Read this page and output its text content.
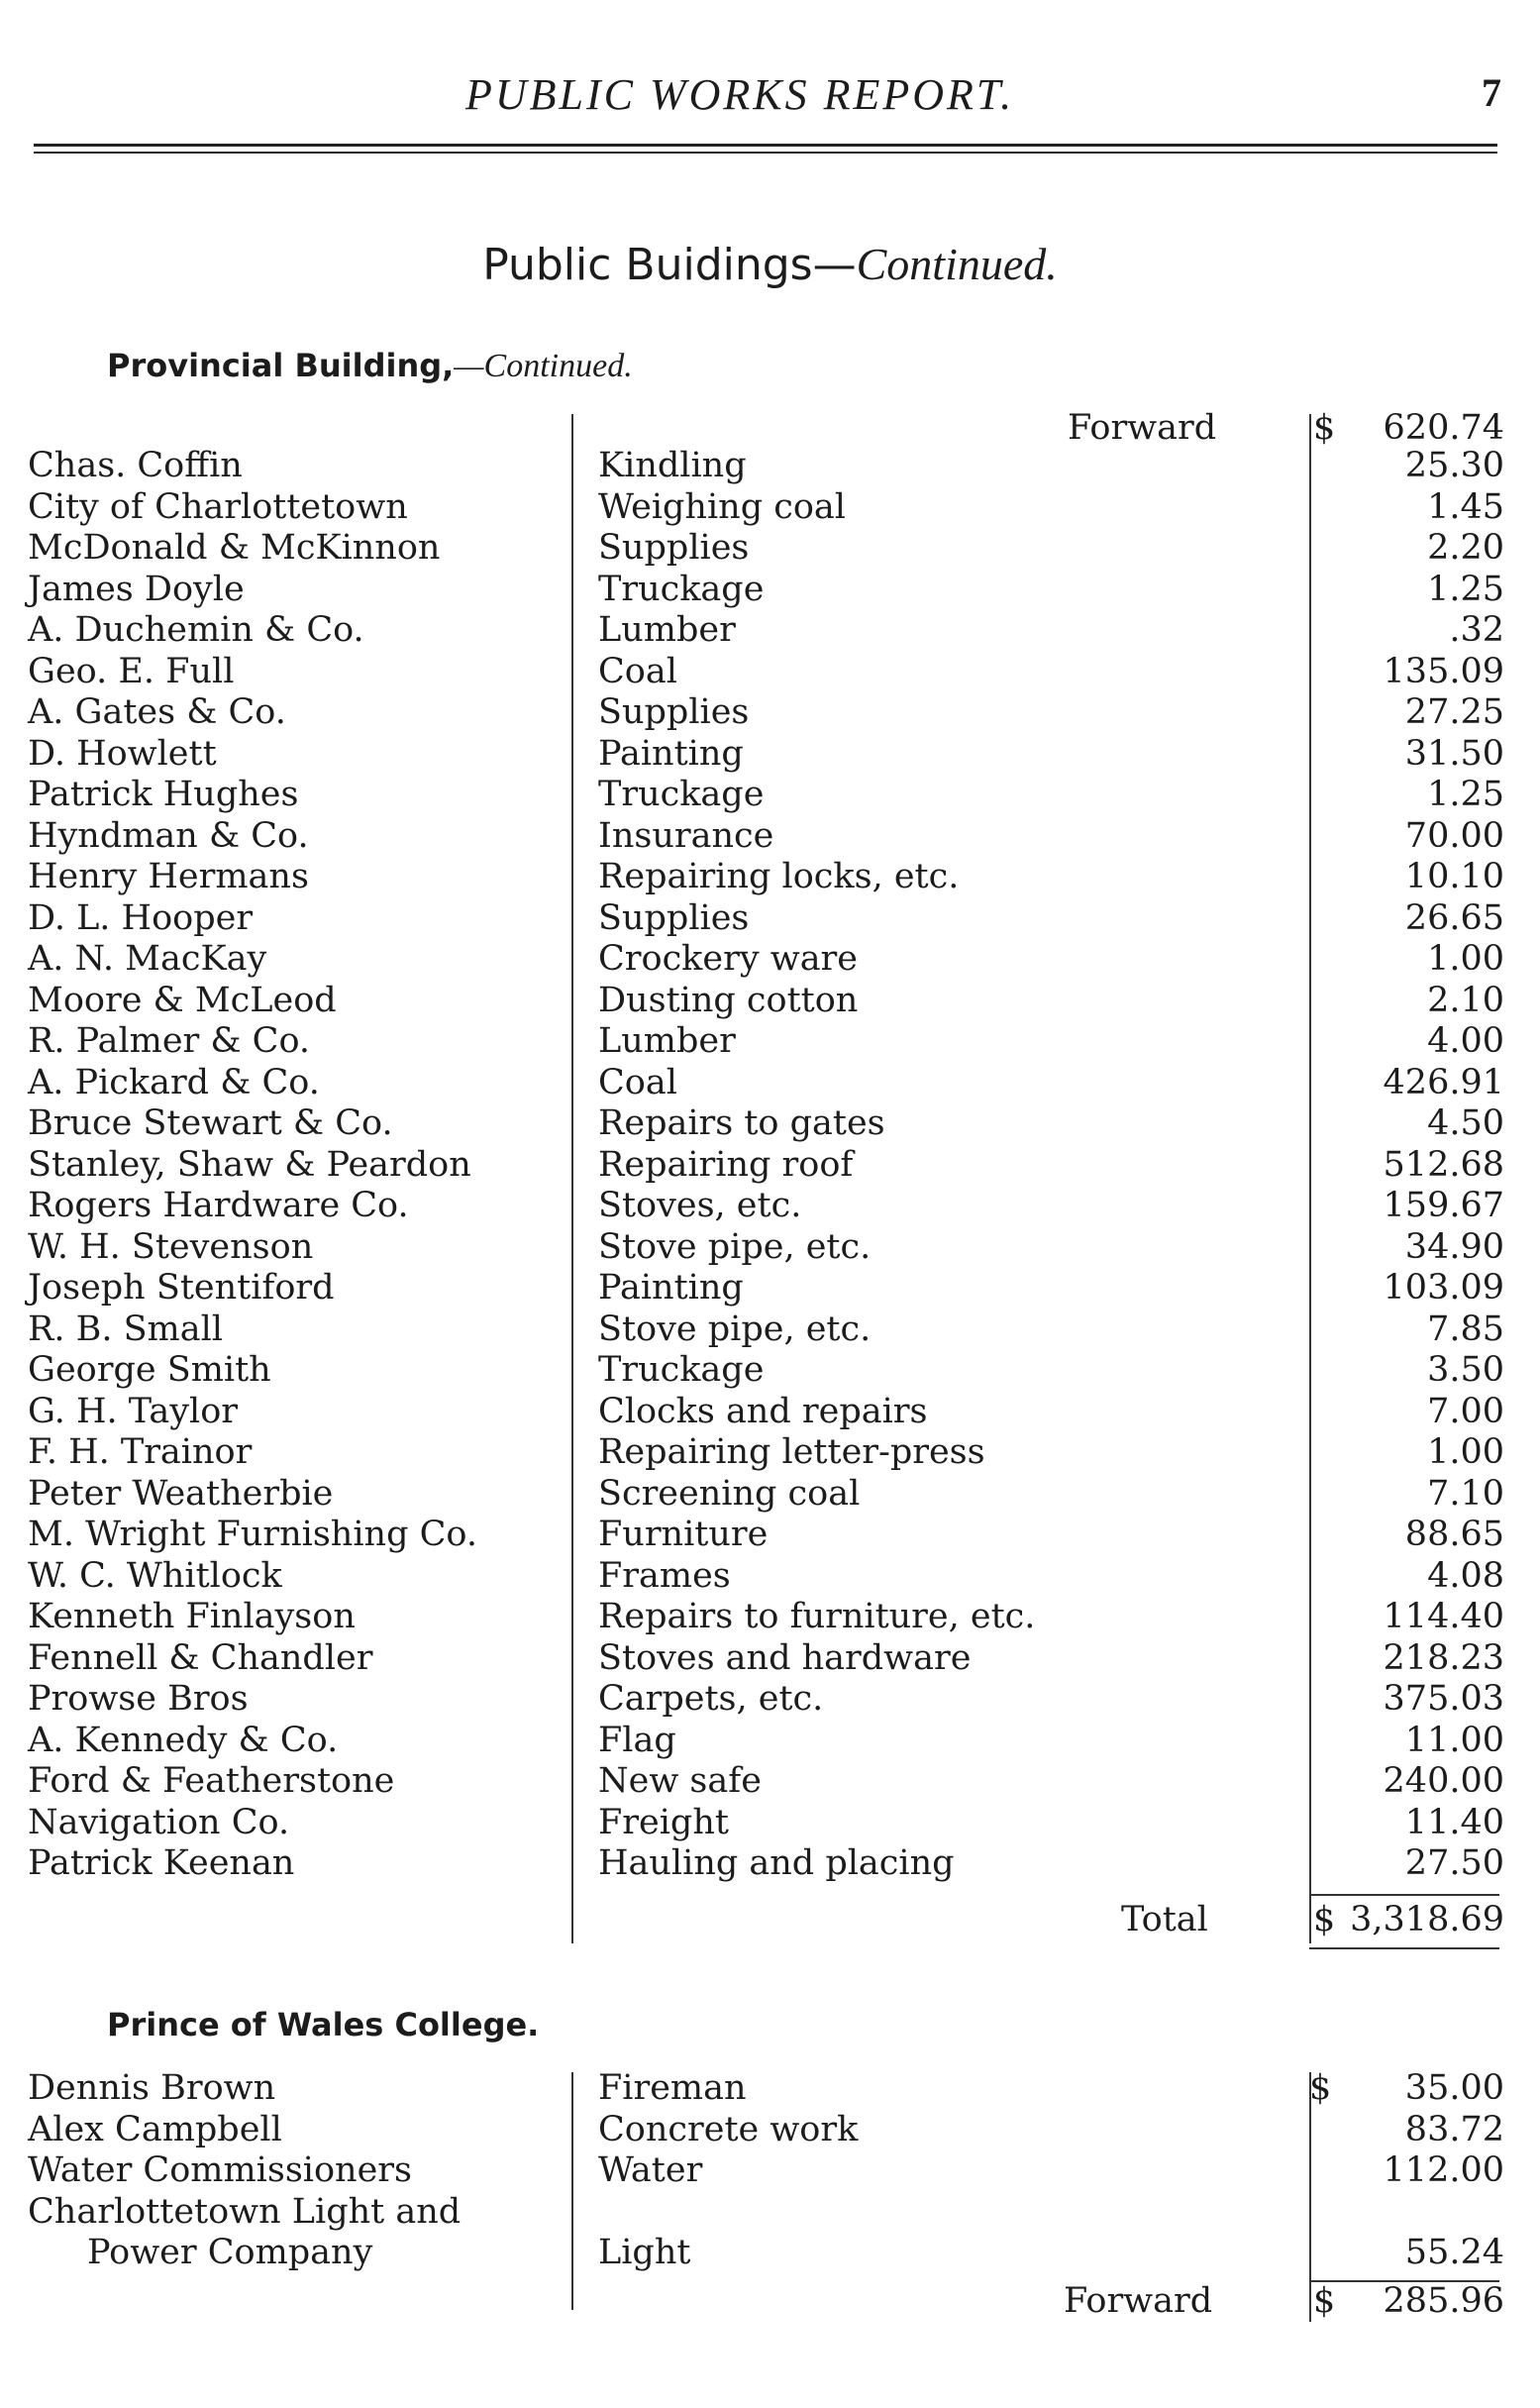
PUBLIC WORKS REPORT.	7
Public Buidings—Continued.
Provincial Building,—Continued.
Forward	$ 620.74
Chas. Coffin	Kindling	25.30
City of Charlottetown	Weighing coal	1.45
McDonald & McKinnon	Supplies	2.20
James Doyle	Truckage	1.25
A. Duchemin & Co.	Lumber	.32
Geo. E. Full	Coal	135.09
A. Gates & Co.	Supplies	27.25
D. Howlett	Painting	31.50
Patrick Hughes	Truckage	1.25
Hyndman & Co.	Insurance	70.00
Henry Hermans	Repairing locks, etc.	10.10
D. L. Hooper	Supplies	26.65
A. N. MacKay	Crockery ware	1.00
Moore & McLeod	Dusting cotton	2.10
R. Palmer & Co.	Lumber	4.00
A. Pickard & Co.	Coal	426.91
Bruce Stewart & Co.	Repairs to gates	4.50
Stanley, Shaw & Peardon	Repairing roof	512.68
Rogers Hardware Co.	Stoves, etc.	159.67
W. H. Stevenson	Stove pipe, etc.	34.90
Joseph Stentiford	Painting	103.09
R. B. Small	Stove pipe, etc.	7.85
George Smith	Truckage	3.50
G. H. Taylor	Clocks and repairs	7.00
F. H. Trainor	Repairing letter-press	1.00
Peter Weatherbie	Screening coal	7.10
M. Wright Furnishing Co.	Furniture	88.65
W. C. Whitlock	Frames	4.08
Kenneth Finlayson	Repairs to furniture, etc.	114.40
Fennell & Chandler	Stoves and hardware	218.23
Prowse Bros	Carpets, etc.	375.03
A. Kennedy & Co.	Flag	11.00
Ford & Featherstone	New safe	240.00
Navigation Co.	Freight	11.40
Patrick Keenan	Hauling and placing	27.50
Total	$ 3,318.69
Prince of Wales College.
Dennis Brown	Fireman	$ 35.00
Alex Campbell	Concrete work	83.72
Water Commissioners	Water	112.00
Charlottetown Light and
Power Company	Light	55.24
Forward	$ 285.96
